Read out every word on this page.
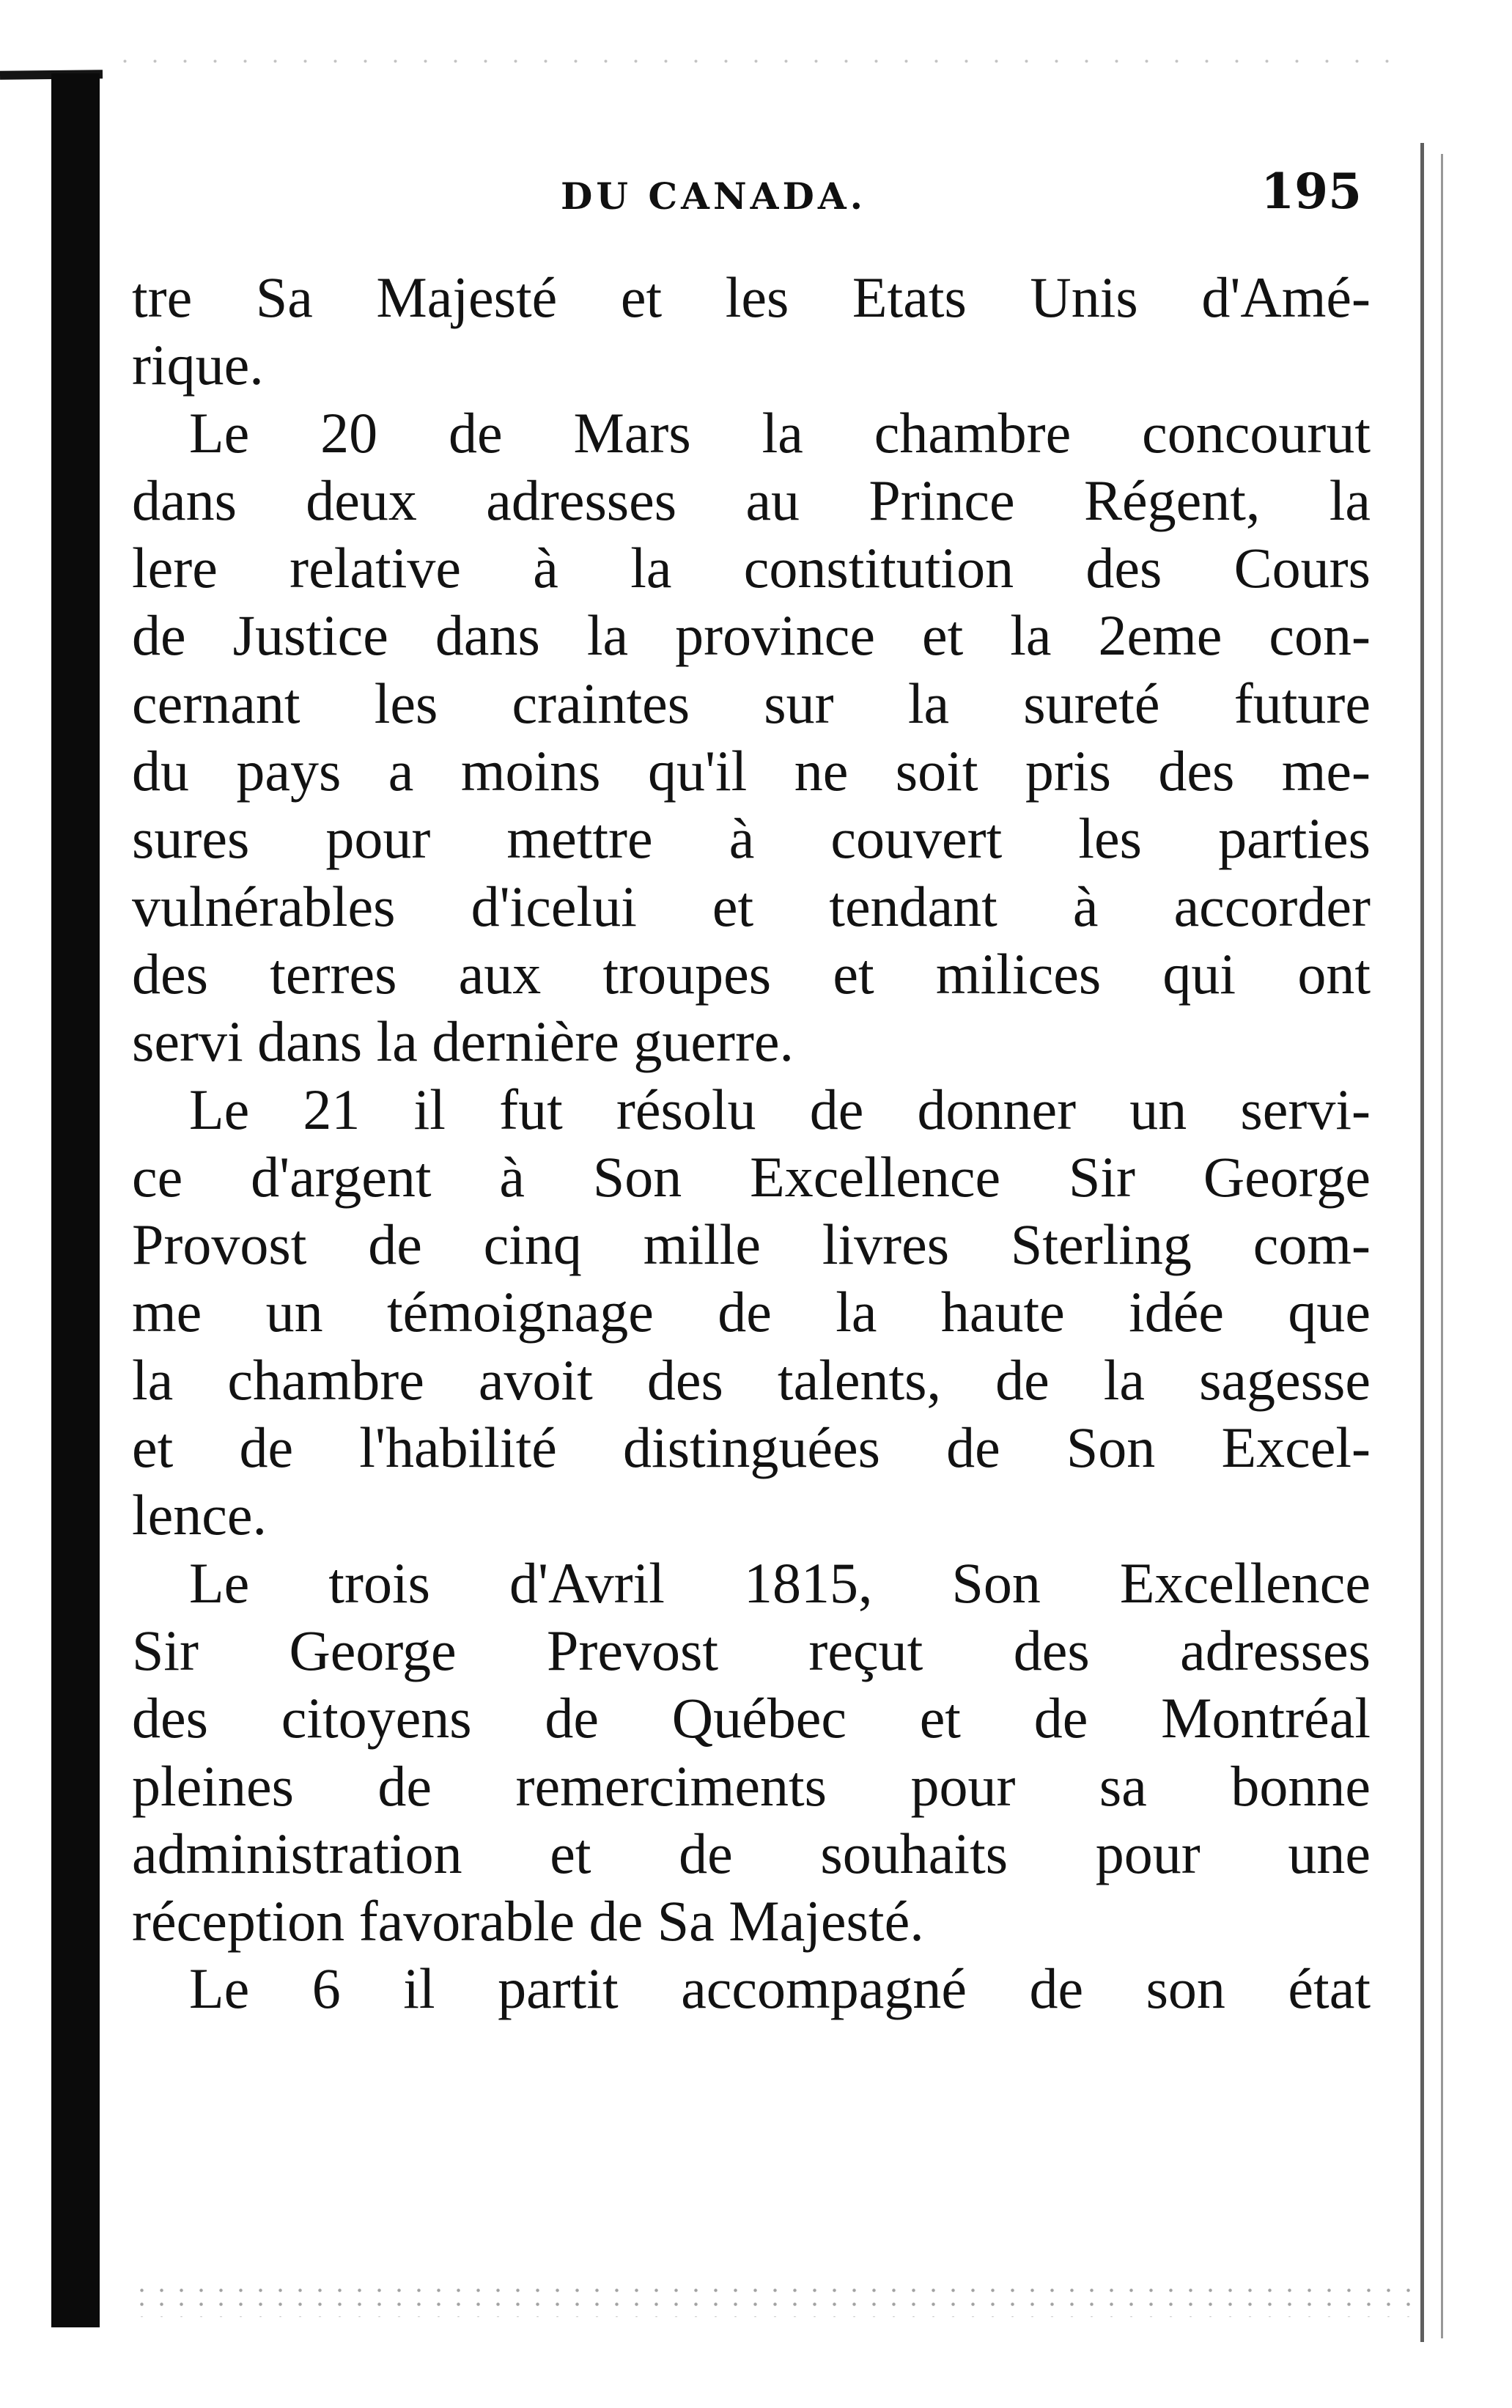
DU CANADA.	195
tre Sa Majesté et les Etats Unis d'Amé-
rique.
Le 20 de Mars la chambre concourut
dans deux adresses au Prince Régent, la
lere relative à la constitution des Cours
de Justice dans la province et la 2eme con-
cernant les craintes sur la sureté future
du pays a moins qu'il ne soit pris des me-
sures pour mettre à couvert les parties
vulnérables d'icelui et tendant à accorder
des terres aux troupes et milices qui ont
servi dans la dernière guerre.
Le 21 il fut résolu de donner un servi-
ce d'argent à Son Excellence Sir George
Provost de cinq mille livres Sterling com-
me un témoignage de la haute idée que
la chambre avoit des talents, de la sagesse
et de l'habilité distinguées de Son Excel-
lence.
Le trois d'Avril 1815, Son Excellence
Sir George Prevost reçut des adresses
des citoyens de Québec et de Montréal
pleines de remerciments pour sa bonne
administration et de souhaits pour une
réception favorable de Sa Majesté.
Le 6 il partit accompagné de son état
